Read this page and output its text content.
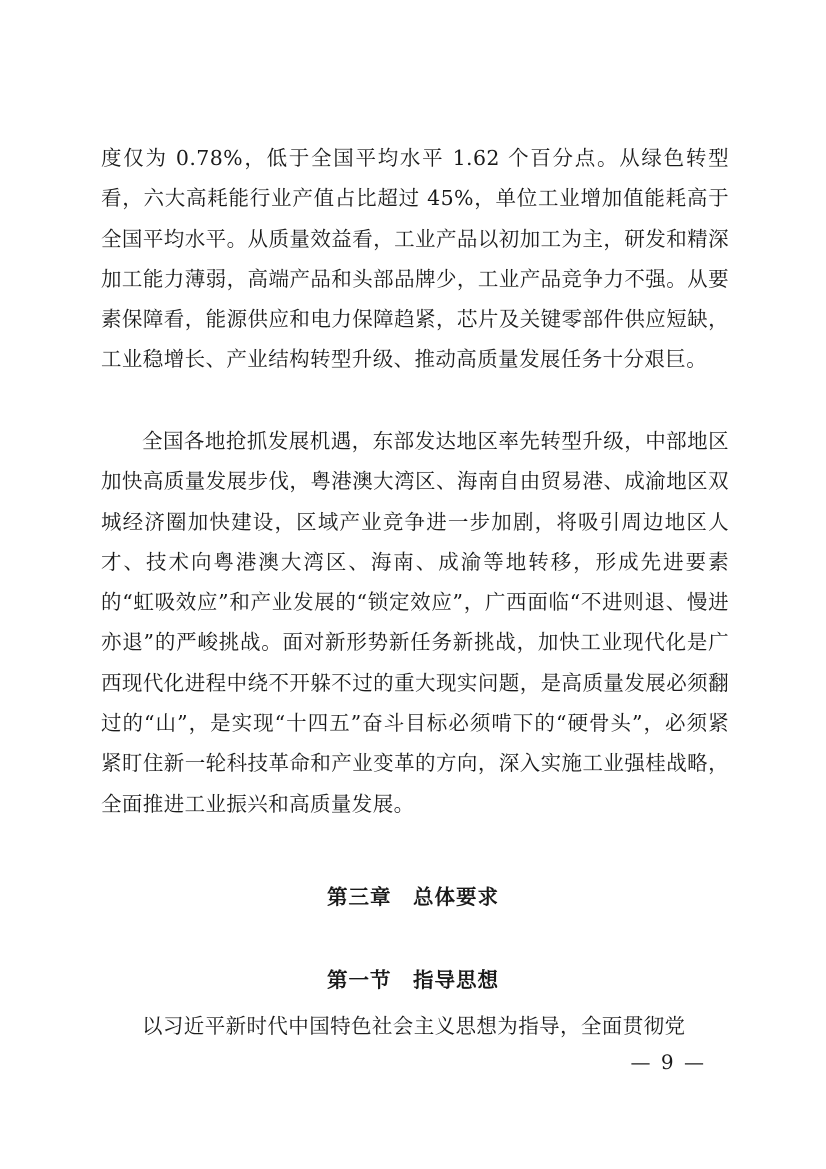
度仅为 0.78%，低于全国平均水平 1.62 个百分点。从绿色转型看，六大高耗能行业产值占比超过 45%，单位工业增加值能耗高于全国平均水平。从质量效益看，工业产品以初加工为主，研发和精深加工能力薄弱，高端产品和头部品牌少，工业产品竞争力不强。从要素保障看，能源供应和电力保障趋紧，芯片及关键零部件供应短缺，工业稳增长、产业结构转型升级、推动高质量发展任务十分艰巨。

全国各地抢抓发展机遇，东部发达地区率先转型升级，中部地区加快高质量发展步伐，粤港澳大湾区、海南自由贸易港、成渝地区双城经济圈加快建设，区域产业竞争进一步加剧，将吸引周边地区人才、技术向粤港澳大湾区、海南、成渝等地转移，形成先进要素的“虹吸效应”和产业发展的“锁定效应”，广西面临“不进则退、慢进亦退”的严峻挑战。面对新形势新任务新挑战，加快工业现代化是广西现代化进程中绕不开躲不过的重大现实问题，是高质量发展必须翻过的“山”，是实现“十四五”奋斗目标必须啃下的“硬骨头”，必须紧紧盯住新一轮科技革命和产业变革的方向，深入实施工业强桂战略，全面推进工业振兴和高质量发展。

第三章　总体要求
第一节　指导思想

以习近平新时代中国特色社会主义思想为指导，全面贯彻党

— 9 —
